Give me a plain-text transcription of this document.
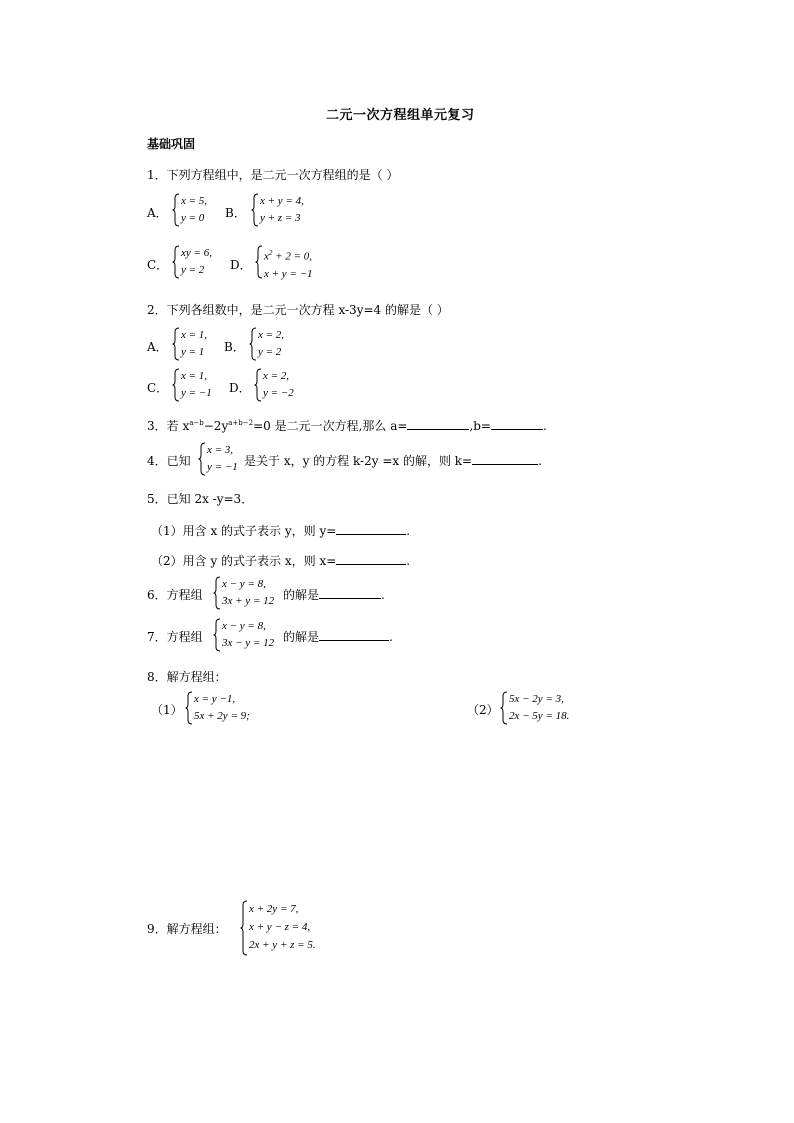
二元一次方程组单元复习
基础巩固
1．下列方程组中，是二元一次方程组的是（ ）
A．
x = 5,
y = 0 B．
x + y = 4,
y + z = 3
C．
xy = 6,
y = 2	D．
$x^2 + 2 = 0$,
x + y = −1
2．下列各组数中，是二元一次方程 x-3y=4 的解是（ ）
A．
x = 1,
y = 1 B．
x = 2,
y = 2
C．
x = 1,
y = −1 D．
x = 2,
y = −2
3．若 $x^{a-b}-2y^{a+b-2}=0$ 是二元一次方程,那么 a=	,b=	.
4．已知
x = 3,
y = −1 是关于 x，y 的方程 k-2y =x 的解，则 k=	.
5．已知 2x -y=3．
（1）用含 x 的式子表示 y，则 y=	.
（2）用含 y 的式子表示 x，则 x=	.
6．方程组
x − y = 8,
3x + y = 12 的解是	.
7．方程组
x − y = 8,
3x − y = 12 的解是	.
8．解方程组：
（1）
x = y −1,
5x + 2y = 9;	（2）
5x − 2y = 3,
2x − 5y = 18.
9．解方程组：
x + 2y = 7,
x + y − z = 4,
2x + y + z = 5.
